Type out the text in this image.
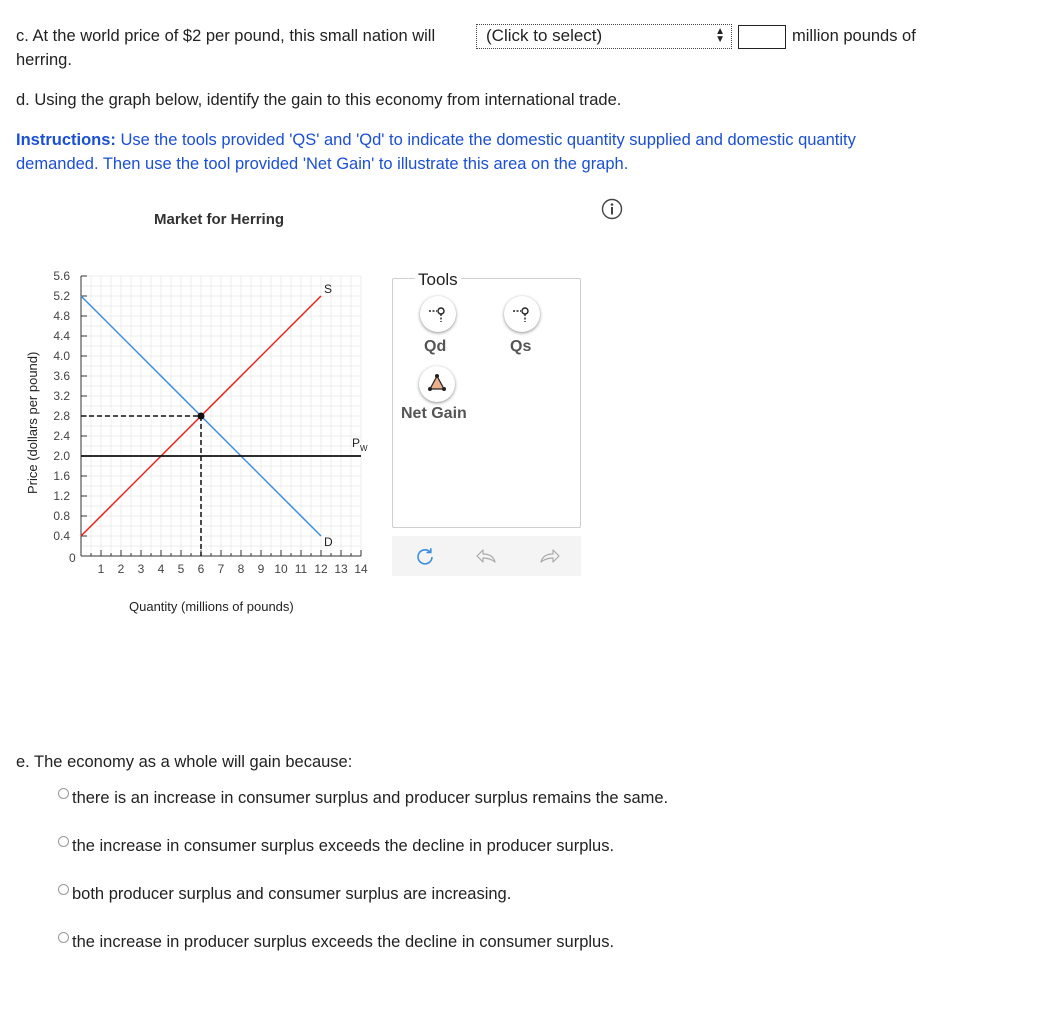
c. At the world price of $2 per pound, this small nation will	(Click to select)	▲
▼	million pounds of
herring.
d. Using the graph below, identify the gain to this economy from international trade.
Instructions: Use the tools provided 'QS' and 'Qd' to indicate the domestic quantity supplied and domestic quantity
demanded. Then use the tool provided 'Net Gain' to illustrate this area on the graph.
Market for Herring
1 2 3 4 5 6 7 8 9 10 11 12 13 14
0.4
0.8
1.2
1.6
2.0
2.4
2.8
3.2
3.6
4.0
4.4
4.8
5.2
5.6
0
S
D
$P_W$
Quantity (millions of pounds)
Price (dollars per pound)
Tools
Qd	Qs
Net Gain
e. The economy as a whole will gain because:
there is an increase in consumer surplus and producer surplus remains the same.
the increase in consumer surplus exceeds the decline in producer surplus.
both producer surplus and consumer surplus are increasing.
the increase in producer surplus exceeds the decline in consumer surplus.
